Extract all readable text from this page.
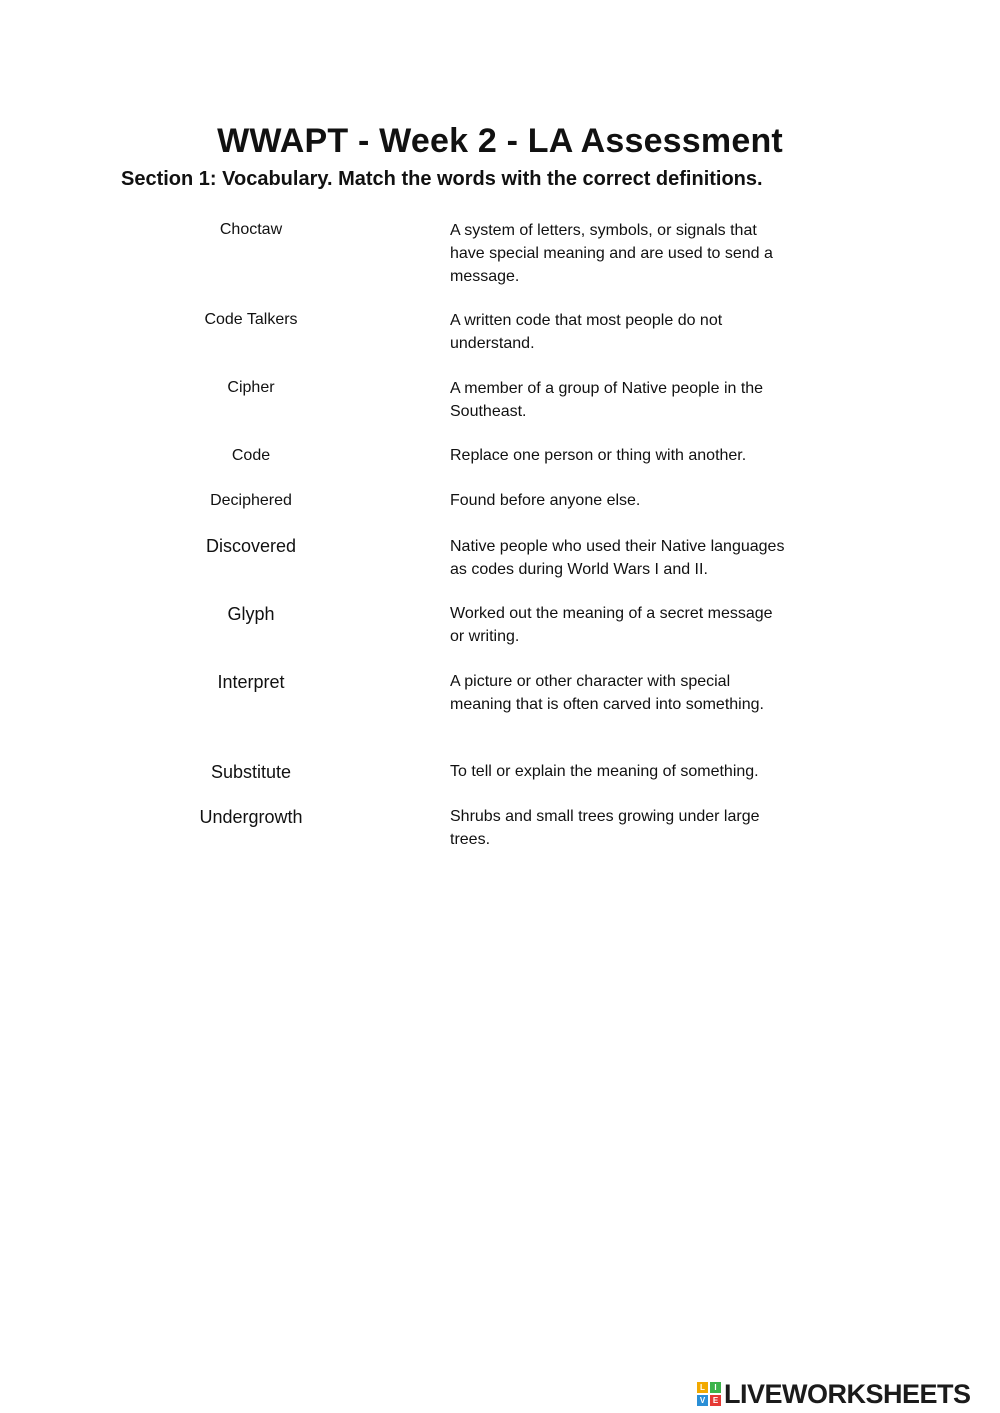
WWAPT - Week 2 - LA Assessment
Section 1: Vocabulary. Match the words with the correct definitions.
Choctaw
Code Talkers
Cipher
Code
Deciphered
Discovered
Glyph
Interpret
Substitute
Undergrowth
A system of letters, symbols, or signals that
have special meaning and are used to send a
message.
A written code that most people do not
understand.
A member of a group of Native people in the
Southeast.
Replace one person or thing with another.
Found before anyone else.
Native people who used their Native languages
as codes during World Wars I and II.
Worked out the meaning of a secret message
or writing.
A picture or other character with special
meaning that is often carved into something.
To tell or explain the meaning of something.
Shrubs and small trees growing under large
trees.
L	I
V E LIVEWORKSHEETS
